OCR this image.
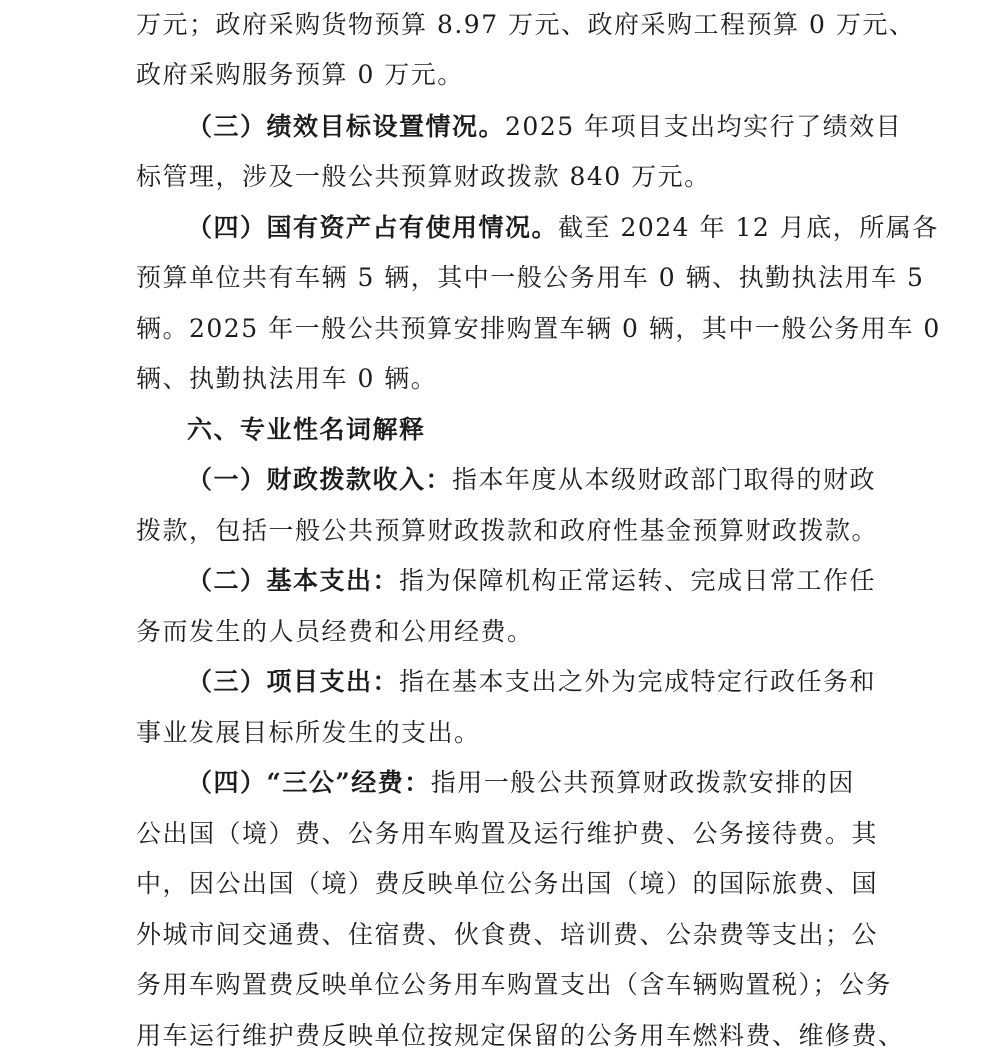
万元；政府采购货物预算 8.97 万元、政府采购工程预算 0 万元、
政府采购服务预算 0 万元。
（三）绩效目标设置情况。2025 年项目支出均实行了绩效目
标管理，涉及一般公共预算财政拨款 840 万元。
（四）国有资产占有使用情况。截至 2024 年 12 月底，所属各
预算单位共有车辆 5 辆，其中一般公务用车 0 辆、执勤执法用车 5
辆。2025 年一般公共预算安排购置车辆 0 辆，其中一般公务用车 0
辆、执勤执法用车 0 辆。
六、专业性名词解释
（一）财政拨款收入：指本年度从本级财政部门取得的财政
拨款，包括一般公共预算财政拨款和政府性基金预算财政拨款。
（二）基本支出：指为保障机构正常运转、完成日常工作任
务而发生的人员经费和公用经费。
（三）项目支出：指在基本支出之外为完成特定行政任务和
事业发展目标所发生的支出。
（四）“三公”经费：指用一般公共预算财政拨款安排的因
公出国（境）费、公务用车购置及运行维护费、公务接待费。其
中，因公出国（境）费反映单位公务出国（境）的国际旅费、国
外城市间交通费、住宿费、伙食费、培训费、公杂费等支出；公
务用车购置费反映单位公务用车购置支出（含车辆购置税）；公务
用车运行维护费反映单位按规定保留的公务用车燃料费、维修费、
